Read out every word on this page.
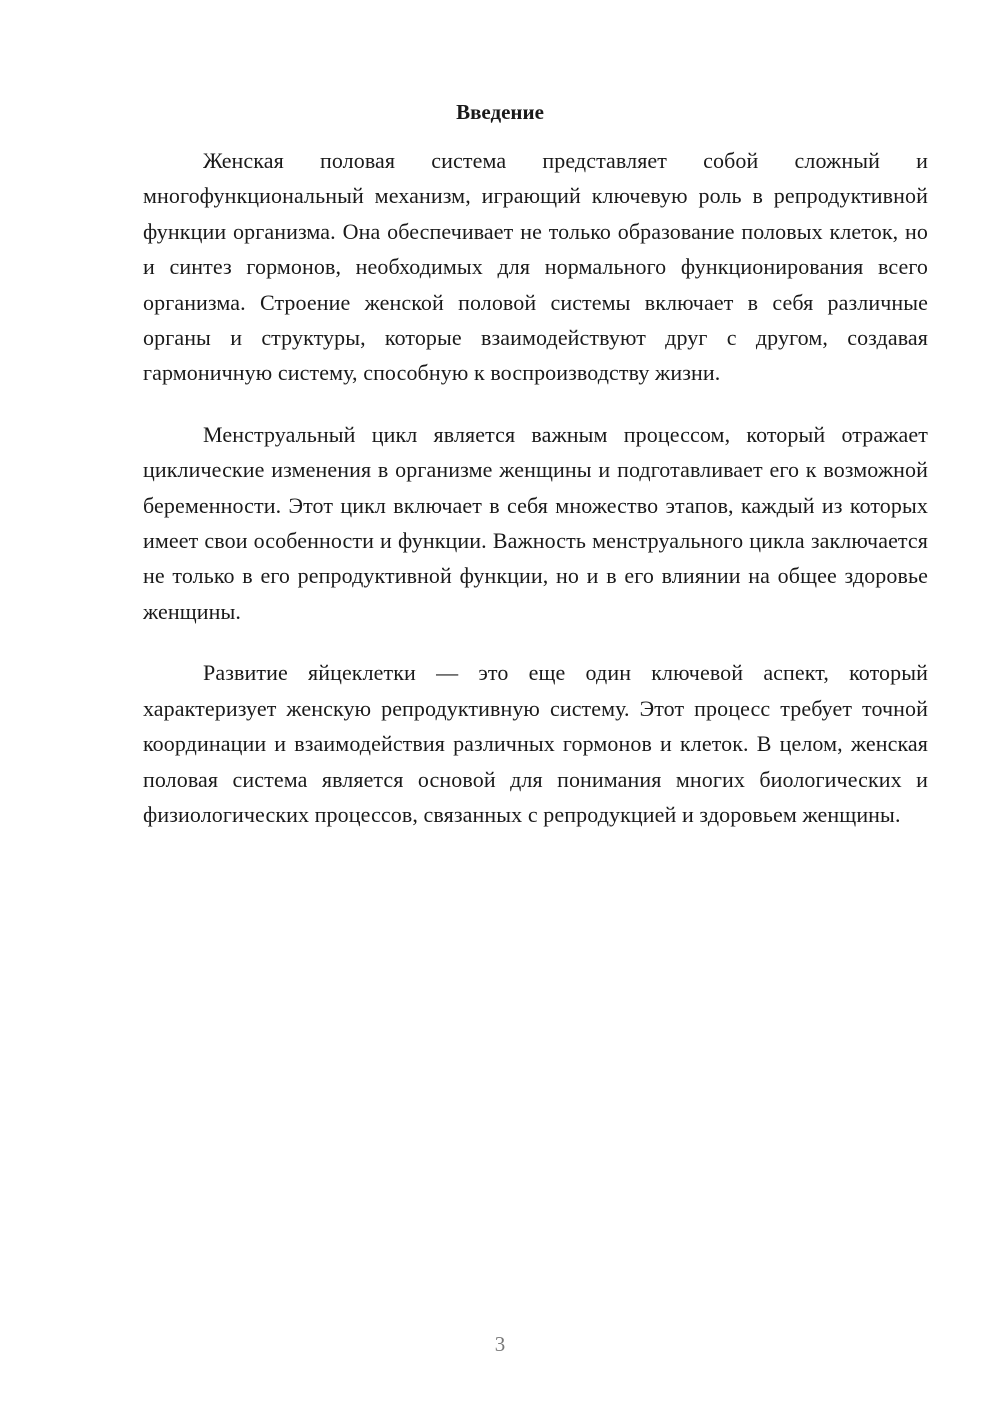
Введение

Женская половая система представляет собой сложный и многофункциональный механизм, играющий ключевую роль в репродуктивной функции организма. Она обеспечивает не только образование половых клеток, но и синтез гормонов, необходимых для нормального функционирования всего организма. Строение женской половой системы включает в себя различные органы и структуры, которые взаимодействуют друг с другом, создавая гармоничную систему, способную к воспроизводству жизни.

Менструальный цикл является важным процессом, который отражает циклические изменения в организме женщины и подготавливает его к возможной беременности. Этот цикл включает в себя множество этапов, каждый из которых имеет свои особенности и функции. Важность менструального цикла заключается не только в его репродуктивной функции, но и в его влиянии на общее здоровье женщины.

Развитие яйцеклетки — это еще один ключевой аспект, который характеризует женскую репродуктивную систему. Этот процесс требует точной координации и взаимодействия различных гормонов и клеток. В целом, женская половая система является основой для понимания многих биологических и физиологических процессов, связанных с репродукцией и здоровьем женщины.

3
